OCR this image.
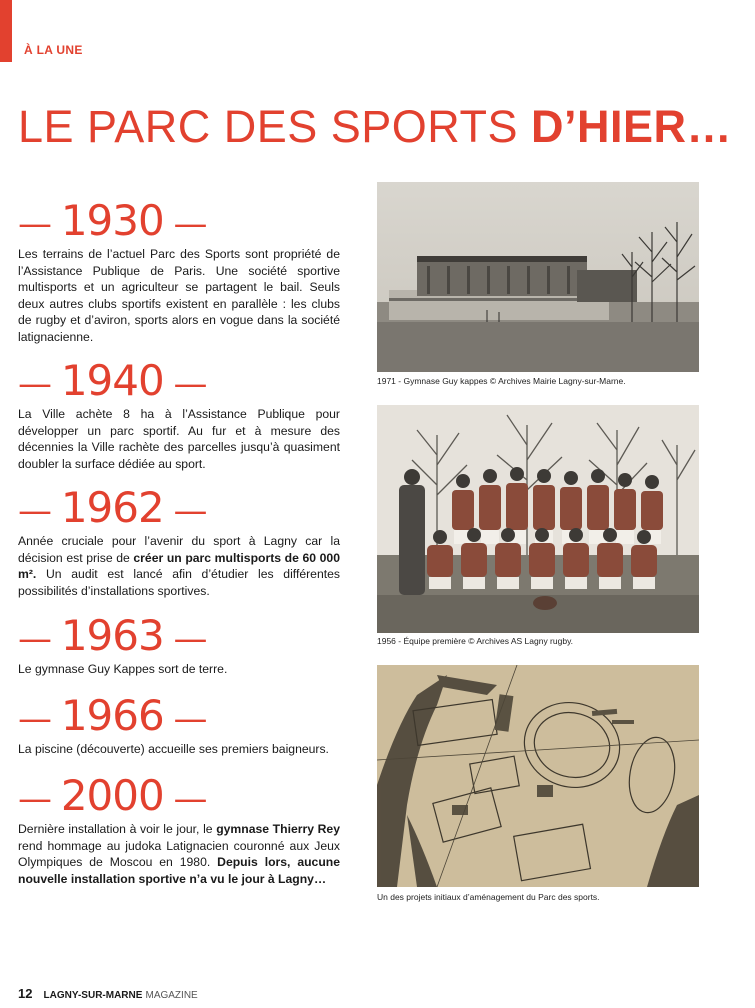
À LA UNE
LE PARC DES SPORTS D’HIER…
— 1930 —

Les terrains de l’actuel Parc des Sports sont propriété de l’Assistance Publique de Paris. Une société sportive multisports et un agriculteur se partagent le bail. Seuls deux autres clubs sportifs existent en parallèle : les clubs de rugby et d’aviron, sports alors en vogue dans la société latignacienne.

— 1940 —

La Ville achète 8 ha à l’Assistance Publique pour développer un parc sportif. Au fur et à mesure des décennies la Ville rachète des parcelles jusqu’à quasiment doubler la surface dédiée au sport.

— 1962 —

Année cruciale pour l’avenir du sport à Lagny car la décision est prise de créer un parc multisports de 60 000 m². Un audit est lancé afin d’étudier les différentes possibilités d’installations sportives.

— 1963 —

Le gymnase Guy Kappes sort de terre.

— 1966 —

La piscine (découverte) accueille ses premiers baigneurs.

— 2000 —

Dernière installation à voir le jour, le gymnase Thierry Rey rend hommage au judoka Latignacien couronné aux Jeux Olympiques de Moscou en 1980. Depuis lors, aucune nouvelle installation sportive n’a vu le jour à Lagny…

1971 - Gymnase Guy kappes © Archives Mairie Lagny-sur-Marne.
1956 - Équipe première © Archives AS Lagny rugby.
Un des projets initiaux d’aménagement du Parc des sports.
12 LAGNY-SUR-MARNE MAGAZINE
